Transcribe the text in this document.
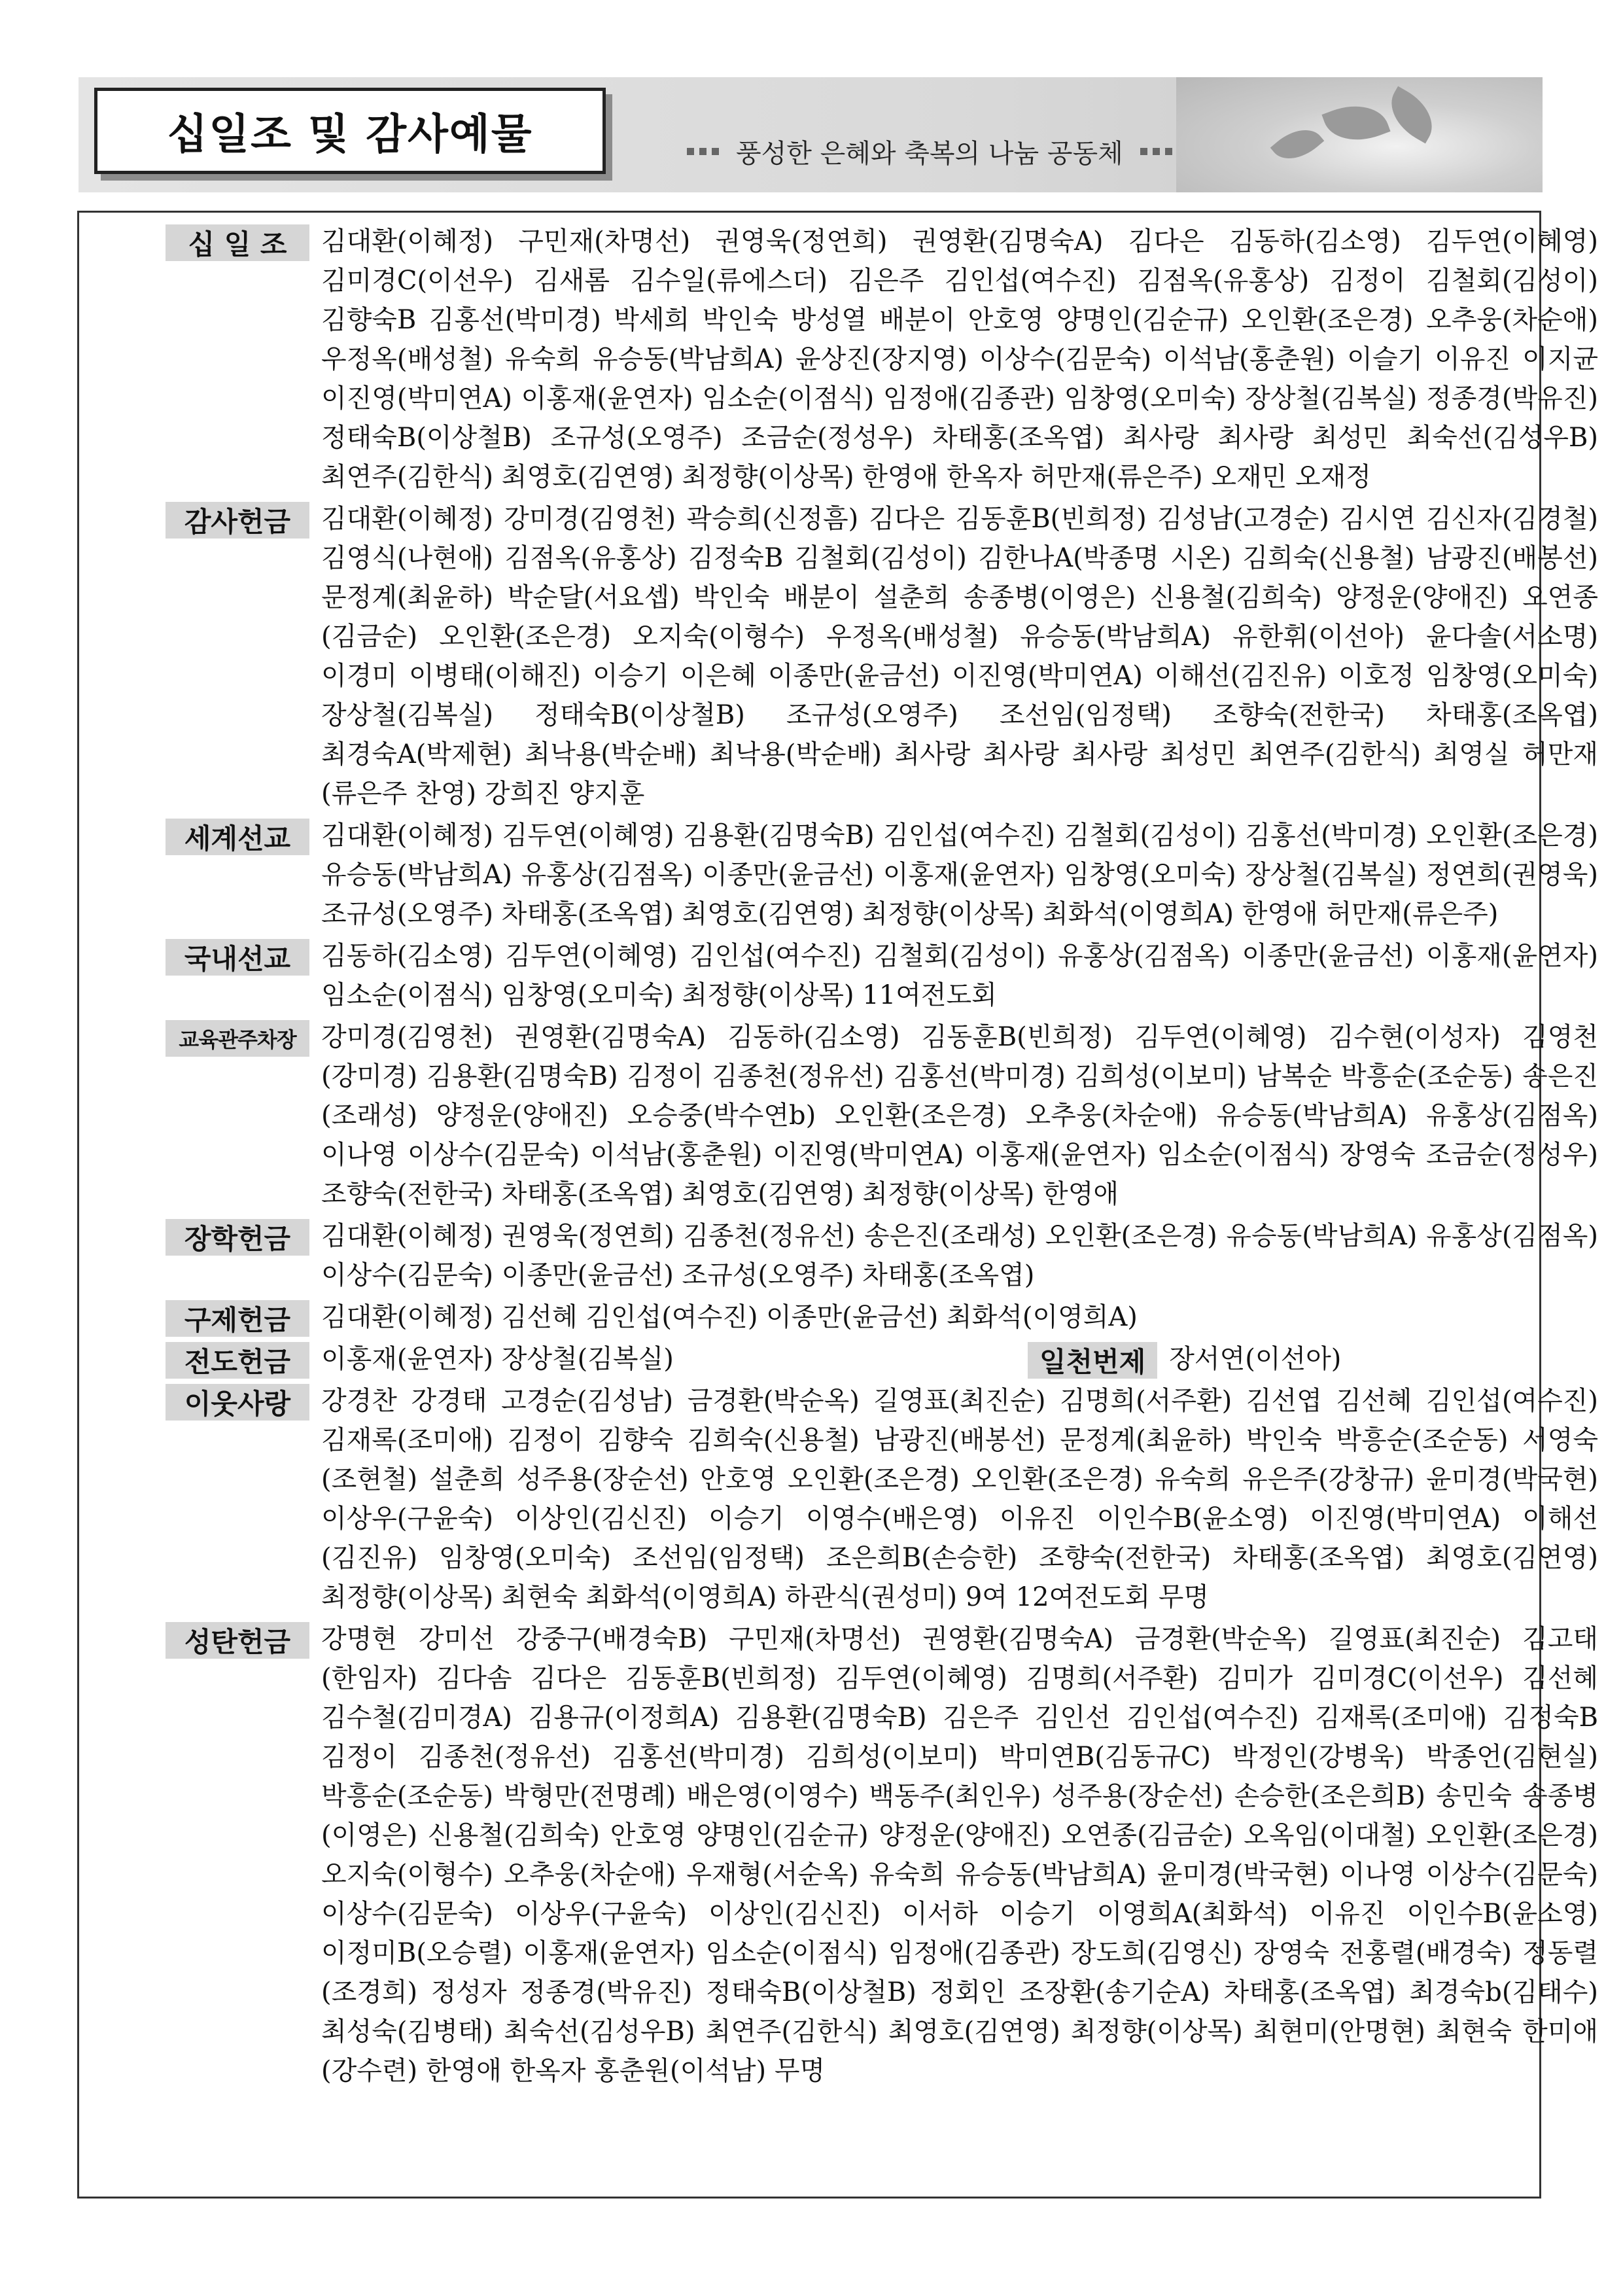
십일조 및 감사예물	풍성한 은혜와 축복의 나눔 공동체
십 일 조	김대환(이혜정) 구민재(차명선) 권영욱(정연희) 권영환(김명숙A) 김다은 김동하(김소영) 김두연(이혜영) 김미경C(이선우) 김새롬 김수일(류에스더) 김은주 김인섭(여수진) 김점옥(유홍상) 김정이 김철회(김성이) 김향숙B 김홍선(박미경) 박세희 박인숙 방성열 배분이 안호영 양명인(김순규) 오인환(조은경) 오추웅(차순애) 우정옥(배성철) 유숙희 유승동(박남희A) 윤상진(장지영) 이상수(김문숙) 이석남(홍춘원) 이슬기 이유진 이지균 이진영(박미연A) 이홍재(윤연자) 임소순(이점식) 임정애(김종관) 임창영(오미숙) 장상철(김복실) 정종경(박유진) 정태숙B(이상철B) 조규성(오영주) 조금순(정성우) 차태홍(조옥엽) 최사랑 최사랑 최성민 최숙선(김성우B) 최연주(김한식) 최영호(김연영) 최정향(이상목) 한영애 한옥자 허만재(류은주) 오재민 오재정
감사헌금	김대환(이혜정) 강미경(김영천) 곽승희(신정흠) 김다은 김동훈B(빈희정) 김성남(고경순) 김시연 김신자(김경철) 김영식(나현애) 김점옥(유홍상) 김정숙B 김철회(김성이) 김한나A(박종명 시온) 김희숙(신용철) 남광진(배봉선) 문정계(최윤하) 박순달(서요셉) 박인숙 배분이 설춘희 송종병(이영은) 신용철(김희숙) 양정운(양애진) 오연종(김금순) 오인환(조은경) 오지숙(이형수) 우정옥(배성철) 유승동(박남희A) 유한휘(이선아) 윤다솔(서소명) 이경미 이병태(이해진) 이승기 이은혜 이종만(윤금선) 이진영(박미연A) 이해선(김진유) 이호정 임창영(오미숙) 장상철(김복실) 정태숙B(이상철B) 조규성(오영주) 조선임(임정택) 조향숙(전한국) 차태홍(조옥엽) 최경숙A(박제현) 최낙용(박순배) 최낙용(박순배) 최사랑 최사랑 최사랑 최성민 최연주(김한식) 최영실 허만재(류은주 찬영) 강희진 양지훈
세계선교	김대환(이혜정) 김두연(이혜영) 김용환(김명숙B) 김인섭(여수진) 김철회(김성이) 김홍선(박미경) 오인환(조은경) 유승동(박남희A) 유홍상(김점옥) 이종만(윤금선) 이홍재(윤연자) 임창영(오미숙) 장상철(김복실) 정연희(권영욱) 조규성(오영주) 차태홍(조옥엽) 최영호(김연영) 최정향(이상목) 최화석(이영희A) 한영애 허만재(류은주)
국내선교	김동하(김소영) 김두연(이혜영) 김인섭(여수진) 김철회(김성이) 유홍상(김점옥) 이종만(윤금선) 이홍재(윤연자) 임소순(이점식) 임창영(오미숙) 최정향(이상목) 11여전도회
교육관주차장 강미경(김영천) 권영환(김명숙A) 김동하(김소영) 김동훈B(빈희정) 김두연(이혜영) 김수현(이성자) 김영천(강미경) 김용환(김명숙B) 김정이 김종천(정유선) 김홍선(박미경) 김희성(이보미) 남복순 박흥순(조순동) 송은진(조래성) 양정운(양애진) 오승중(박수연b) 오인환(조은경) 오추웅(차순애) 유승동(박남희A) 유홍상(김점옥) 이나영 이상수(김문숙) 이석남(홍춘원) 이진영(박미연A) 이홍재(윤연자) 임소순(이점식) 장영숙 조금순(정성우) 조향숙(전한국) 차태홍(조옥엽) 최영호(김연영) 최정향(이상목) 한영애
장학헌금	김대환(이혜정) 권영욱(정연희) 김종천(정유선) 송은진(조래성) 오인환(조은경) 유승동(박남희A) 유홍상(김점옥) 이상수(김문숙) 이종만(윤금선) 조규성(오영주) 차태홍(조옥엽)
구제헌금	김대환(이혜정) 김선혜 김인섭(여수진) 이종만(윤금선) 최화석(이영희A)
전도헌금	이홍재(윤연자) 장상철(김복실)	일천번제 장서연(이선아)
이웃사랑	강경찬 강경태 고경순(김성남) 금경환(박순옥) 길영표(최진순) 김명희(서주환) 김선엽 김선혜 김인섭(여수진) 김재록(조미애) 김정이 김향숙 김희숙(신용철) 남광진(배봉선) 문정계(최윤하) 박인숙 박흥순(조순동) 서영숙(조현철) 설춘희 성주용(장순선) 안호영 오인환(조은경) 오인환(조은경) 유숙희 유은주(강창규) 윤미경(박국현) 이상우(구윤숙) 이상인(김신진) 이승기 이영수(배은영) 이유진 이인수B(윤소영) 이진영(박미연A) 이해선(김진유) 임창영(오미숙) 조선임(임정택) 조은희B(손승한) 조향숙(전한국) 차태홍(조옥엽) 최영호(김연영) 최정향(이상목) 최현숙 최화석(이영희A) 하관식(권성미) 9여 12여전도회 무명
성탄헌금	강명현 강미선 강중구(배경숙B) 구민재(차명선) 권영환(김명숙A) 금경환(박순옥) 길영표(최진순) 김고태(한임자) 김다솜 김다은 김동훈B(빈희정) 김두연(이혜영) 김명희(서주환) 김미가 김미경C(이선우) 김선혜 김수철(김미경A) 김용규(이정희A) 김용환(김명숙B) 김은주 김인선 김인섭(여수진) 김재록(조미애) 김정숙B 김정이 김종천(정유선) 김홍선(박미경) 김희성(이보미) 박미연B(김동규C) 박정인(강병욱) 박종언(김현실) 박흥순(조순동) 박형만(전명례) 배은영(이영수) 백동주(최인우) 성주용(장순선) 손승한(조은희B) 송민숙 송종병(이영은) 신용철(김희숙) 안호영 양명인(김순규) 양정운(양애진) 오연종(김금순) 오옥임(이대철) 오인환(조은경) 오지숙(이형수) 오추웅(차순애) 우재형(서순옥) 유숙희 유승동(박남희A) 윤미경(박국현) 이나영 이상수(김문숙) 이상수(김문숙) 이상우(구윤숙) 이상인(김신진) 이서하 이승기 이영희A(최화석) 이유진 이인수B(윤소영) 이정미B(오승렬) 이홍재(윤연자) 임소순(이점식) 임정애(김종관) 장도희(김영신) 장영숙 전홍렬(배경숙) 정동렬(조경희) 정성자 정종경(박유진) 정태숙B(이상철B) 정회인 조장환(송기순A) 차태홍(조옥엽) 최경숙b(김태수) 최성숙(김병태) 최숙선(김성우B) 최연주(김한식) 최영호(김연영) 최정향(이상목) 최현미(안명현) 최현숙 한미애(강수련) 한영애 한옥자 홍춘원(이석남) 무명
